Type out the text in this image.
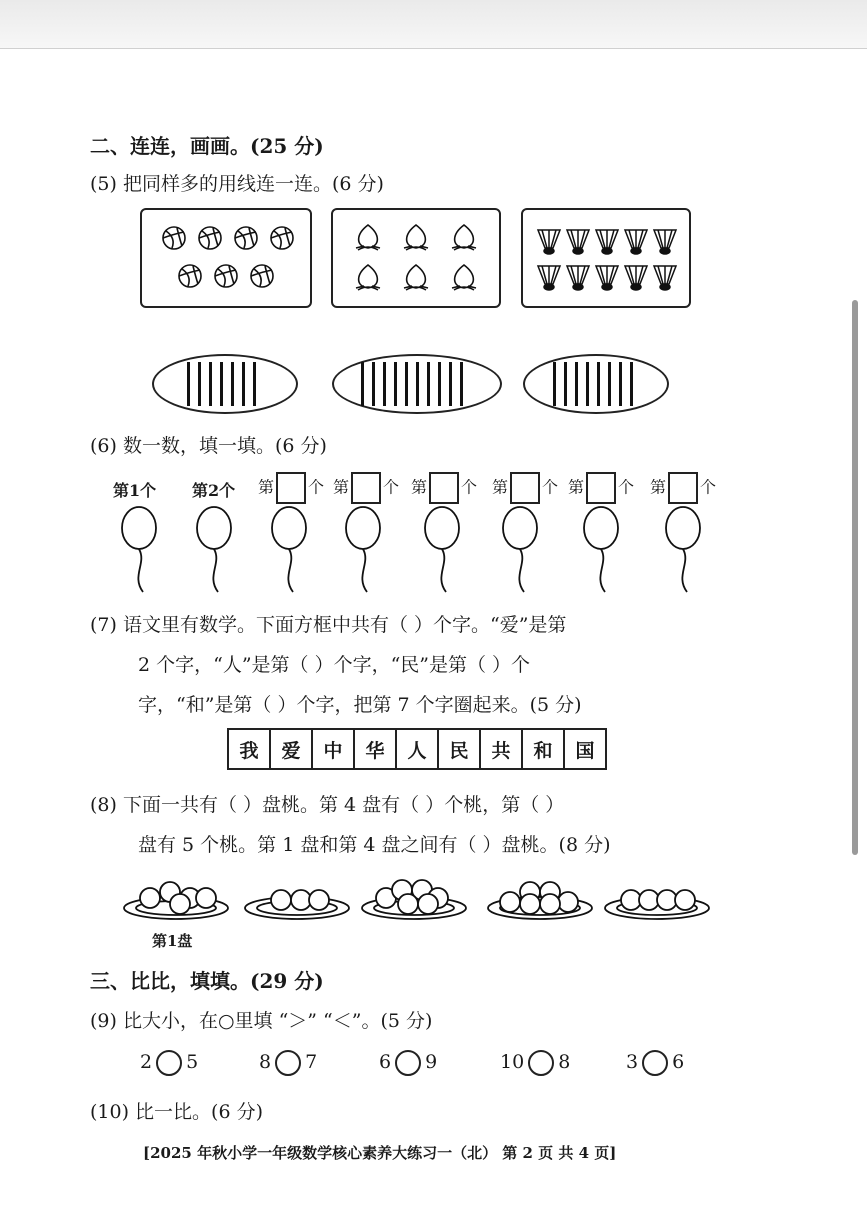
二、连连，画画。(25 分)
(5) 把同样多的用线连一连。(6 分)
(6) 数一数，填一填。(6 分)
第1个 第2个 第 个 第 个 第 个 第 个 第 个 第 个
(7) 语文里有数学。下面方框中共有（ ）个字。“爱”是第
2 个字，“人”是第（ ）个字，“民”是第（ ）个
字，“和”是第（ ）个字，把第 7 个字圈起来。(5 分)
我	爱	中	华	人	民	共	和	国
(8) 下面一共有（ ）盘桃。第 4 盘有（ ）个桃，第（ ）
盘有 5 个桃。第 1 盘和第 4 盘之间有（ ）盘桃。(8 分)
第1盘
三、比比，填填。(29 分)
(9) 比大小，在○里填 “＞” “＜”。(5 分)
2 5	8 7	6 9	10 8	3 6
(10) 比一比。(6 分)
[2025 年秋小学一年级数学核心素养大练习一（北） 第 2 页 共 4 页]
